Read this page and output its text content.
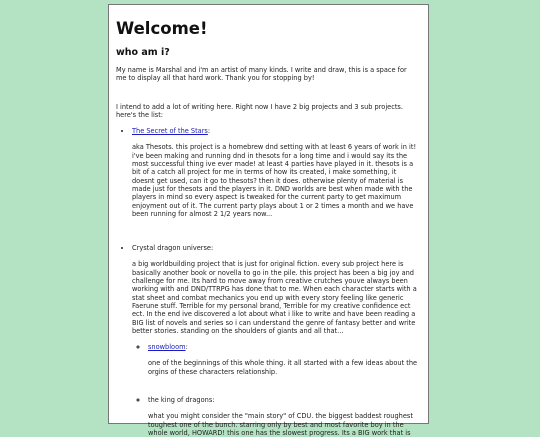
Welcome!
who am i?

My name is Marshal and i'm an artist of many kinds. I write and draw, this is a space for me to display all that hard work. Thank you for stopping by!

I intend to add a lot of writing here. Right now I have 2 big projects and 3 sub projects. here's the list:

• The Secret of the Stars:

aka Thesots. this project is a homebrew dnd setting with at least 6 years of work in it! i've been making and running dnd in thesots for a long time and i would say its the most successful thing ive ever made! at least 4 parties have played in it. thesots is a bit of a catch all project for me in terms of how its created, i make something, it doesnt get used, can it go to thesots? then it does. otherwise plenty of material is made just for thesots and the players in it. DND worlds are best when made with the players in mind so every aspect is tweaked for the current party to get maximum enjoyment out of it. The current party plays about 1 or 2 times a month and we have been running for almost 2 1/2 years now...

• Crystal dragon universe:

a big worldbuilding project that is just for original fiction. every sub project here is basically another book or novella to go in the pile. this project has been a big joy and challenge for me. Its hard to move away from creative crutches youve always been working with and DND/TTRPG has done that to me. When each character starts with a stat sheet and combat mechanics you end up with every story feeling like generic Faerune stuff. Terrible for my personal brand, Terrible for my creative confidence ect ect. In the end ive discovered a lot about what i like to write and have been reading a BIG list of novels and series so i can understand the genre of fantasy better and write better stories. standing on the shoulders of giants and all that...

◦ snowbloom:

one of the beginnings of this whole thing. it all started with a few ideas about the orgins of these characters relationship.

◦ the king of dragons:

what you might consider the "main story" of CDU. the biggest baddest roughest toughest one of the bunch. starring only by best and most favorite boy in the whole world, HOWARD! this one has the slowest progress. Its a BIG work that is
